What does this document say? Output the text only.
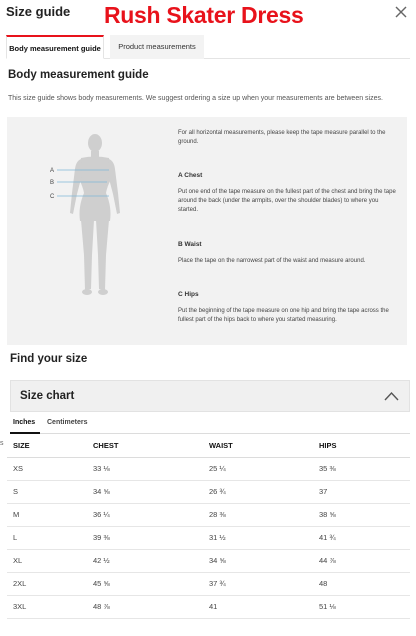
Size guide Rush Skater Dress
Body measurement guide	Product measurements
Body measurement guide
This size guide shows body measurements. We suggest ordering a size up when your measurements are between sizes.
A
B
C
For all horizontal measurements, please keep the tape measure parallel to the ground.
A Chest
Put one end of the tape measure on the fullest part of the chest and bring the tape around the back (under the armpits, over the shoulder blades) to where you started.
B Waist
Place the tape on the narrowest part of the waist and measure around.
C Hips
Put the beginning of the tape measure on one hip and bring the tape across the fullest part of the hips back to where you started measuring.
Find your size
Size chart
Inches Centimeters
s SIZE	CHEST	WAIST	HIPS
XS	33 ⅛	25 ¼	35 ⅜
S	34 ⅝	26 ¾	37
M	36 ¼	28 ⅜	38 ⅝
L	39 ⅜	31 ½	41 ¾
XL	42 ½	34 ⅝	44 ⅞
2XL	45 ⅝	37 ¾	48
3XL	48 ⅞	41	51 ⅛
